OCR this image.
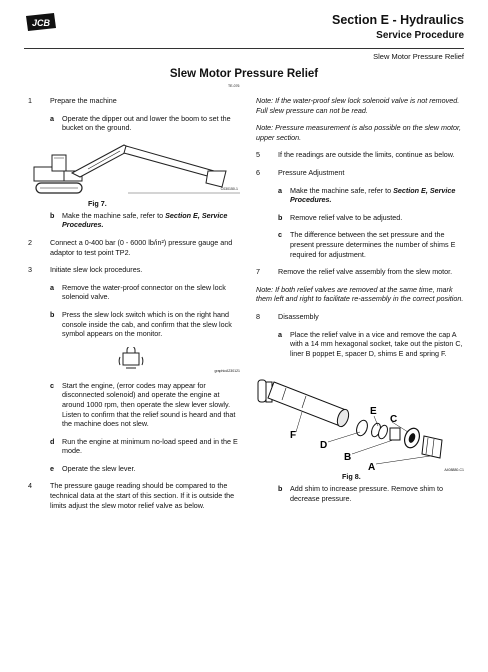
JCB	Section E - Hydraulics
Service Procedure
Slew Motor Pressure Relief
Slew Motor Pressure Relief
TE-076
1	Prepare the machine
a	Operate the dipper out and lower the boom to set the bucket on the ground.
C030150-1
Fig 7.
b	Make the machine safe, refer to Section E, Service Procedures.
2	Connect a 0-400 bar (0 - 6000 lb/in²) pressure gauge and adaptor to test point TP2.
3	Initiate slew lock procedures.
a	Remove the water-proof connector on the slew lock solenoid valve.
b	Press the slew lock switch which is on the right hand console inside the cab, and confirm that the slew lock symbol appears on the monitor.
graphicA230121
c	Start the engine, (error codes may appear for disconnected solenoid) and operate the engine at around 1000 rpm, then operate the slew lever slowly. Listen to confirm that the relief sound is heard and that the machine does not slew.
d	Run the engine at minimum no-load speed and in the E mode.
e	Operate the slew lever.
4	The pressure gauge reading should be compared to the technical data at the start of this section. If it is outside the limits adjust the slew motor relief valve as below.
Note: If the water-proof slew lock solenoid valve is not removed. Full slew pressure can not be read.
Note: Pressure measurement is also possible on the slew motor, upper section.
5	If the readings are outside the limits, continue as below.
6	Pressure Adjustment
a	Make the machine safe, refer to Section E, Service Procedures.
b	Remove relief valve to be adjusted.
c	The difference between the set pressure and the present pressure determines the number of shims E required for adjustment.
7	Remove the relief valve assembly from the slew motor.
Note: If both relief valves are removed at the same time, mark them left and right to facilitate re-assembly in the correct position.
8	Disassembly
a	Place the relief valve in a vice and remove the cap A with a 14 mm hexagonal socket, take out the piston C, liner B poppet E, spacer D, shims E and spring F.
F
D
B
E
C
A	A408880-C1
Fig 8.
b	Add shim to increase pressure. Remove shim to decrease pressure.
